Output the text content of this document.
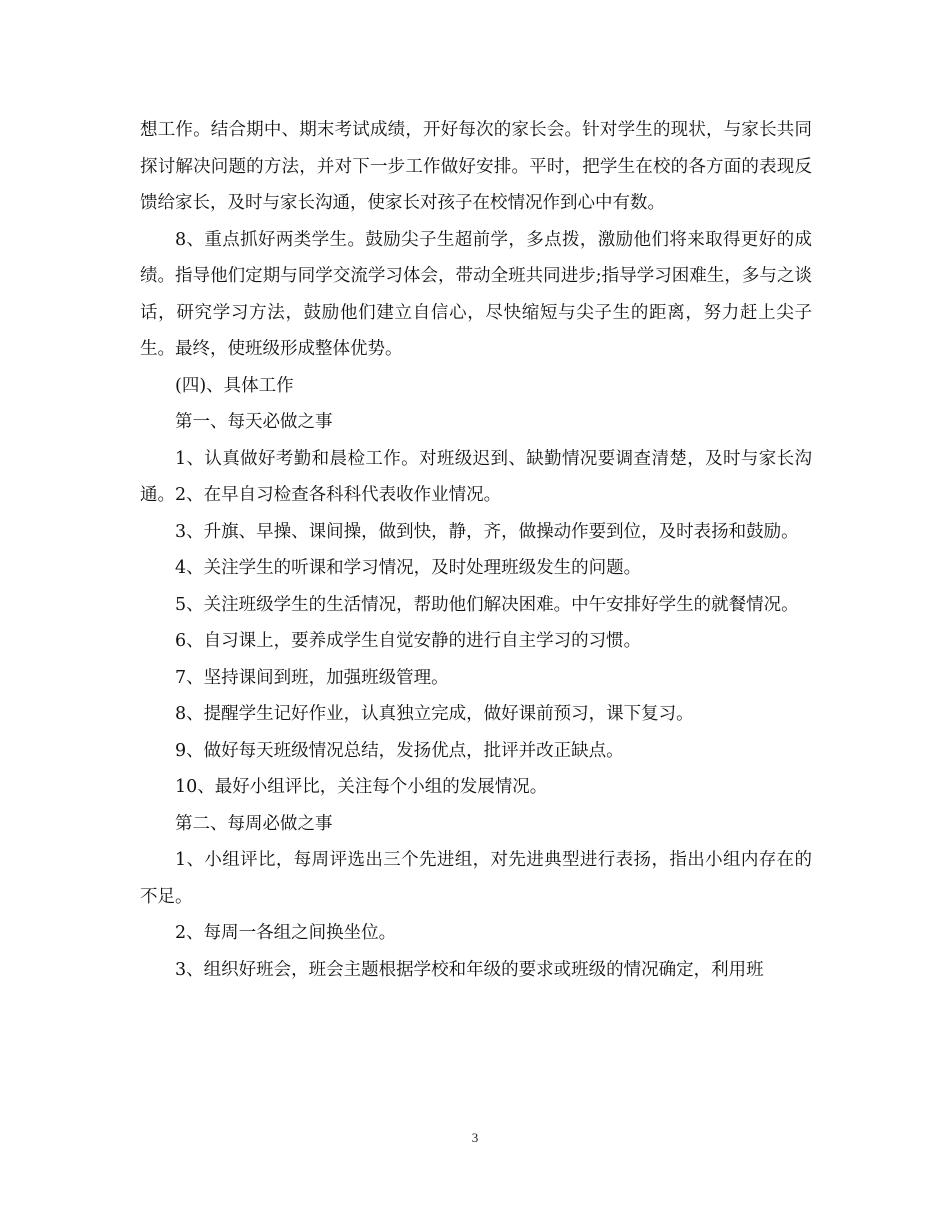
想工作。结合期中、期末考试成绩，开好每次的家长会。针对学生的现状，与家长共同探讨解决问题的方法，并对下一步工作做好安排。平时，把学生在校的各方面的表现反馈给家长，及时与家长沟通，使家长对孩子在校情况作到心中有数。

8、重点抓好两类学生。鼓励尖子生超前学，多点拨，激励他们将来取得更好的成绩。指导他们定期与同学交流学习体会，带动全班共同进步;指导学习困难生，多与之谈话，研究学习方法，鼓励他们建立自信心，尽快缩短与尖子生的距离，努力赶上尖子生。最终，使班级形成整体优势。

(四)、具体工作

第一、每天必做之事

1、认真做好考勤和晨检工作。对班级迟到、缺勤情况要调查清楚，及时与家长沟通。2、在早自习检查各科科代表收作业情况。

3、升旗、早操、课间操，做到快，静，齐，做操动作要到位，及时表扬和鼓励。

4、关注学生的听课和学习情况，及时处理班级发生的问题。

5、关注班级学生的生活情况，帮助他们解决困难。中午安排好学生的就餐情况。

6、自习课上，要养成学生自觉安静的进行自主学习的习惯。

7、坚持课间到班，加强班级管理。

8、提醒学生记好作业，认真独立完成，做好课前预习，课下复习。

9、做好每天班级情况总结，发扬优点，批评并改正缺点。

10、最好小组评比，关注每个小组的发展情况。

第二、每周必做之事

1、小组评比，每周评选出三个先进组，对先进典型进行表扬，指出小组内存在的不足。

2、每周一各组之间换坐位。

3、组织好班会，班会主题根据学校和年级的要求或班级的情况确定，利用班

3
